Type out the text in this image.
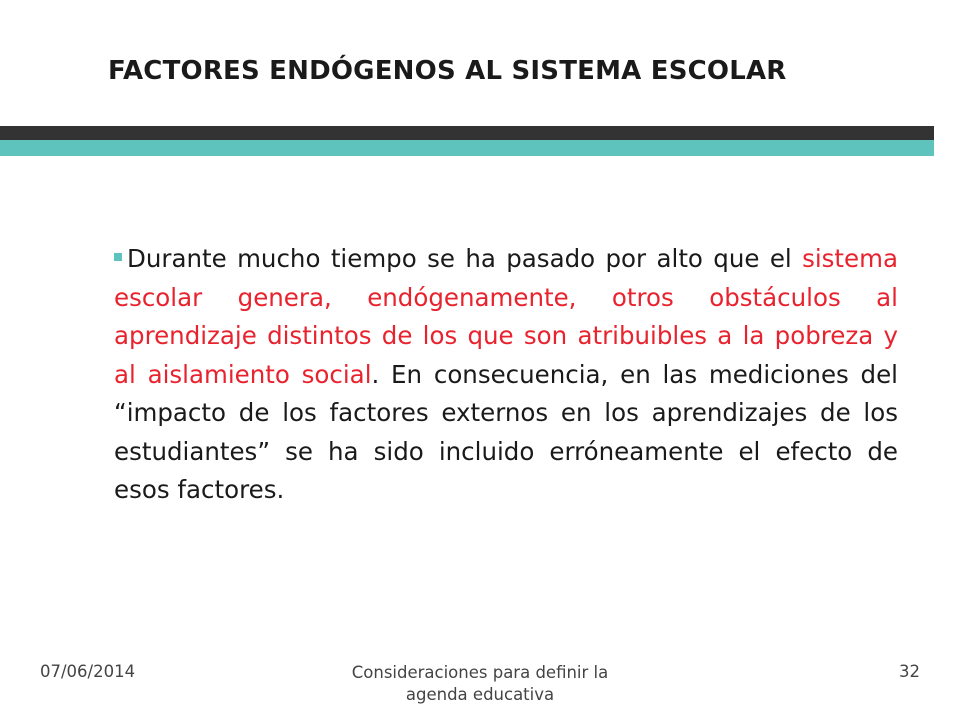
FACTORES ENDÓGENOS AL SISTEMA ESCOLAR
Durante mucho tiempo se ha pasado por alto que el sistema escolar genera, endógenamente, otros obstáculos al aprendizaje distintos de los que son atribuibles a la pobreza y al aislamiento social. En consecuencia, en las mediciones del “impacto de los factores externos en los aprendizajes de los estudiantes” se ha sido incluido erróneamente el efecto de esos factores.
07/06/2014	Consideraciones para definir la
agenda educativa
32
